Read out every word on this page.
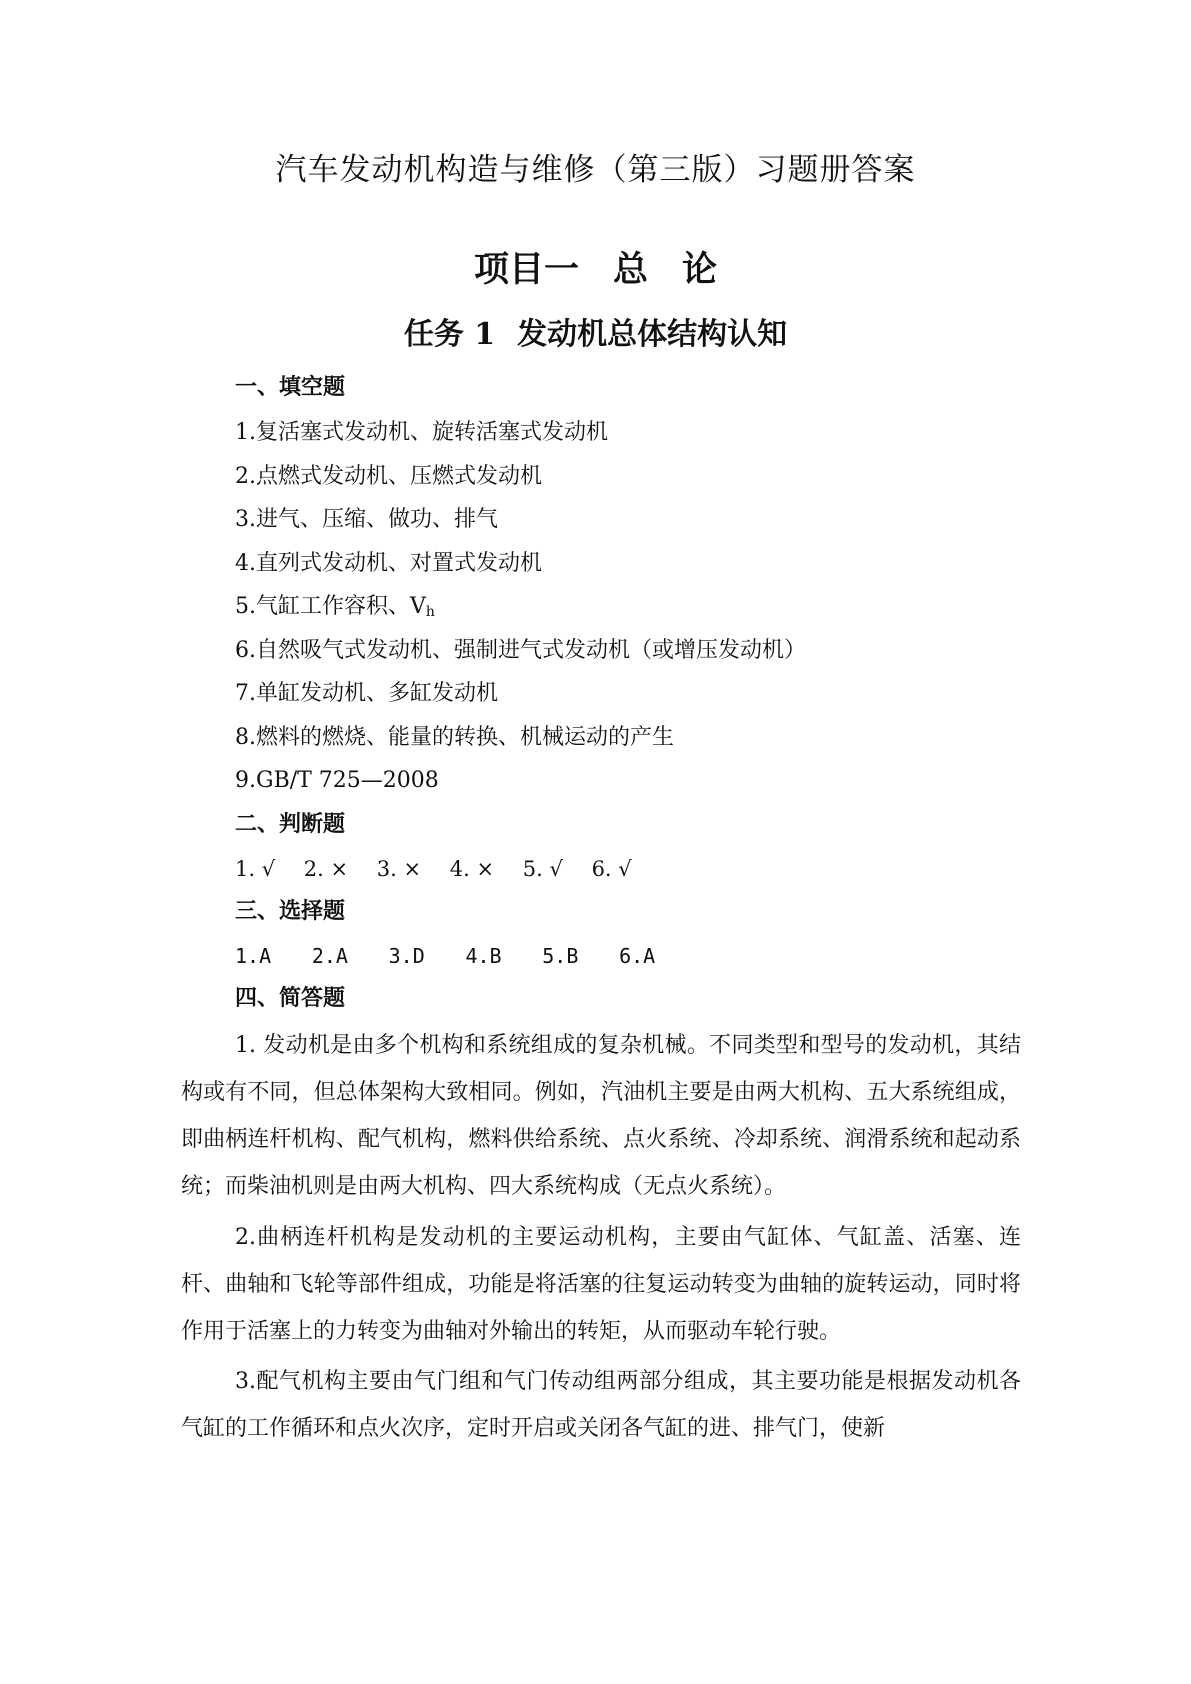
汽车发动机构造与维修（第三版）习题册答案
项目一 总 论
任务 1 发动机总体结构认知
一、填空题
1.复活塞式发动机、旋转活塞式发动机
2.点燃式发动机、压燃式发动机
3.进气、压缩、做功、排气
4.直列式发动机、对置式发动机
5.气缸工作容积、$V_h$
6.自然吸气式发动机、强制进气式发动机（或增压发动机）
7.单缸发动机、多缸发动机
8.燃料的燃烧、能量的转换、机械运动的产生
9.GB/T 725—2008
二、判断题
1. √ 2. × 3. × 4. × 5. √ 6. √
三、选择题
1.A 2.A 3.D 4.B 5.B 6.A
四、简答题
1. 发动机是由多个机构和系统组成的复杂机械。不同类型和型号的发动机，其结构或有不同，但总体架构大致相同。例如，汽油机主要是由两大机构、五大系统组成，即曲柄连杆机构、配气机构，燃料供给系统、点火系统、冷却系统、润滑系统和起动系统；而柴油机则是由两大机构、四大系统构成（无点火系统）。
2.曲柄连杆机构是发动机的主要运动机构，主要由气缸体、气缸盖、活塞、连杆、曲轴和飞轮等部件组成，功能是将活塞的往复运动转变为曲轴的旋转运动，同时将作用于活塞上的力转变为曲轴对外输出的转矩，从而驱动车轮行驶。
3.配气机构主要由气门组和气门传动组两部分组成，其主要功能是根据发动机各气缸的工作循环和点火次序，定时开启或关闭各气缸的进、排气门，使新
